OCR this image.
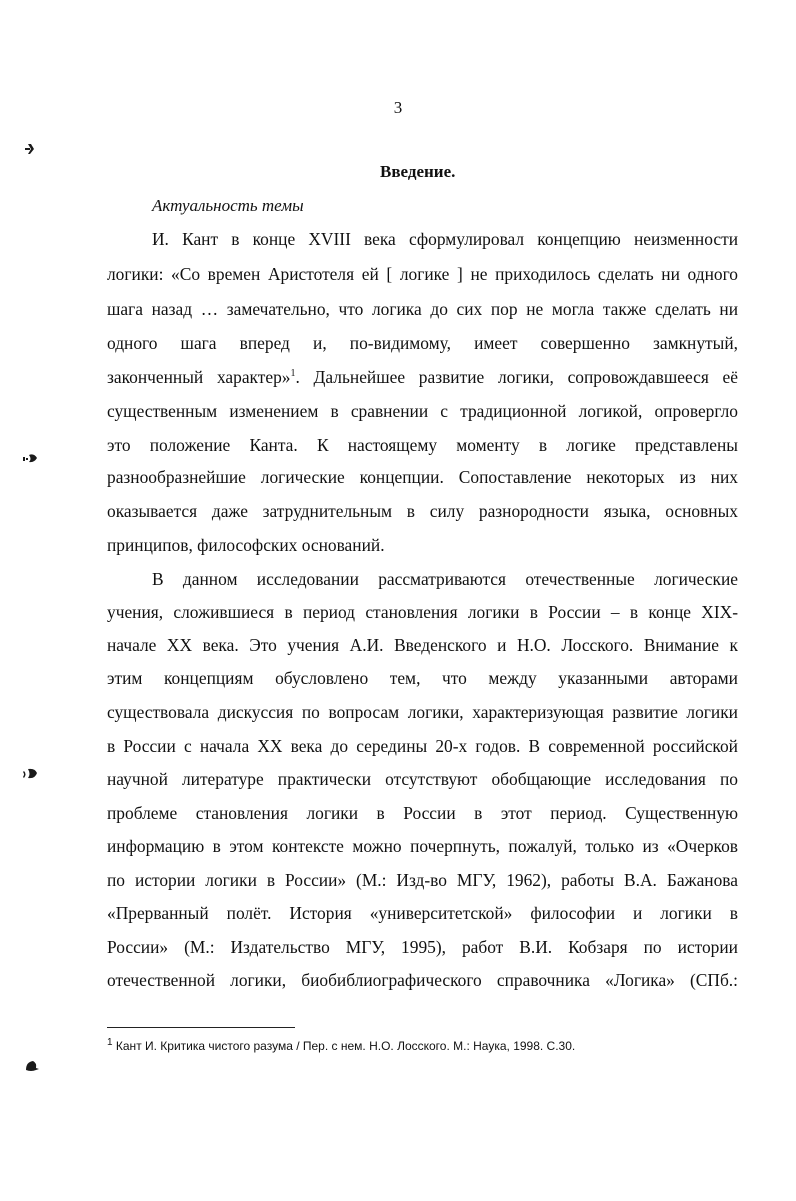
3
Введение.
Актуальность темы
И. Кант в конце XVIII века сформулировал концепцию неизменности
логики: «Со времен Аристотеля ей [ логике ] не приходилось сделать ни одного
шага назад … замечательно, что логика до сих пор не могла также сделать ни
одного шага вперед и, по-видимому, имеет совершенно замкнутый,
законченный характер»$^1$. Дальнейшее развитие логики, сопровождавшееся её
существенным изменением в сравнении с традиционной логикой, опровергло
это положение Канта. К настоящему моменту в логике представлены
разнообразнейшие логические концепции. Сопоставление некоторых из них
оказывается даже затруднительным в силу разнородности языка, основных
принципов, философских оснований.
В данном исследовании рассматриваются отечественные логические
учения, сложившиеся в период становления логики в России – в конце XIX-
начале XX века. Это учения А.И. Введенского и Н.О. Лосского. Внимание к
этим концепциям обусловлено тем, что между указанными авторами
существовала дискуссия по вопросам логики, характеризующая развитие логики
в России с начала XX века до середины 20-х годов. В современной российской
научной литературе практически отсутствуют обобщающие исследования по
проблеме становления логики в России в этот период. Существенную
информацию в этом контексте можно почерпнуть, пожалуй, только из «Очерков
по истории логики в России» (М.: Изд-во МГУ, 1962), работы В.А. Бажанова
«Прерванный полёт. История «университетской» философии и логики в
России» (М.: Издательство МГУ, 1995), работ В.И. Кобзаря по истории
отечественной логики, биобиблиографического справочника «Логика» (СПб.:
$^1$ Кант И. Критика чистого разума / Пер. с нем. Н.О. Лосского. М.: Наука, 1998. С.30.
